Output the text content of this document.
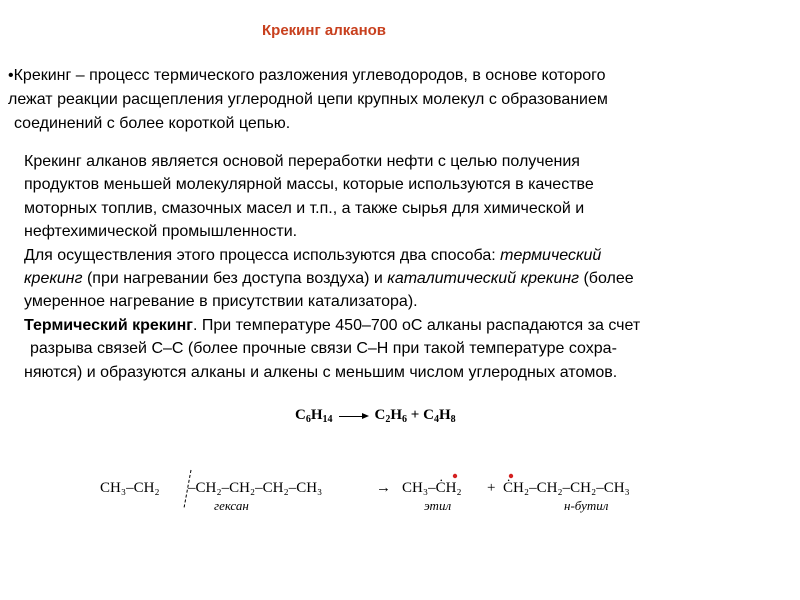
Крекинг алканов
•Крекинг – процесс термического разложения углеводородов, в основе которого
лежат реакции расщепления углеродной цепи крупных молекул с образованием
соединений с более короткой цепью.
Крекинг алканов является основой переработки нефти с целью получения
продуктов меньшей молекулярной массы, которые используются в качестве
моторных топлив, смазочных масел и т.п., а также сырья для химической и
нефтехимической промышленности.
Для осуществления этого процесса используются два способа: термический
крекинг (при нагревании без доступа воздуха) и каталитический крекинг (более
умеренное нагревание в присутствии катализатора).
Термический крекинг. При температуре 450–700 оС алканы распадаются за счет
разрыва связей С–С (более прочные связи С–Н при такой температуре сохра-
няются) и образуются алканы и алкены с меньшим числом углеродных атомов.
$C_6H_{14}$	$C_2H_6 + C_4H_8$
CH₃–CH₂ –CH₂–CH₂–CH₂–CH₃	→ CH₃–ĊH₂ + ĊH₂–CH₂–CH₂–CH₃
гексан	этил	н-бутил
